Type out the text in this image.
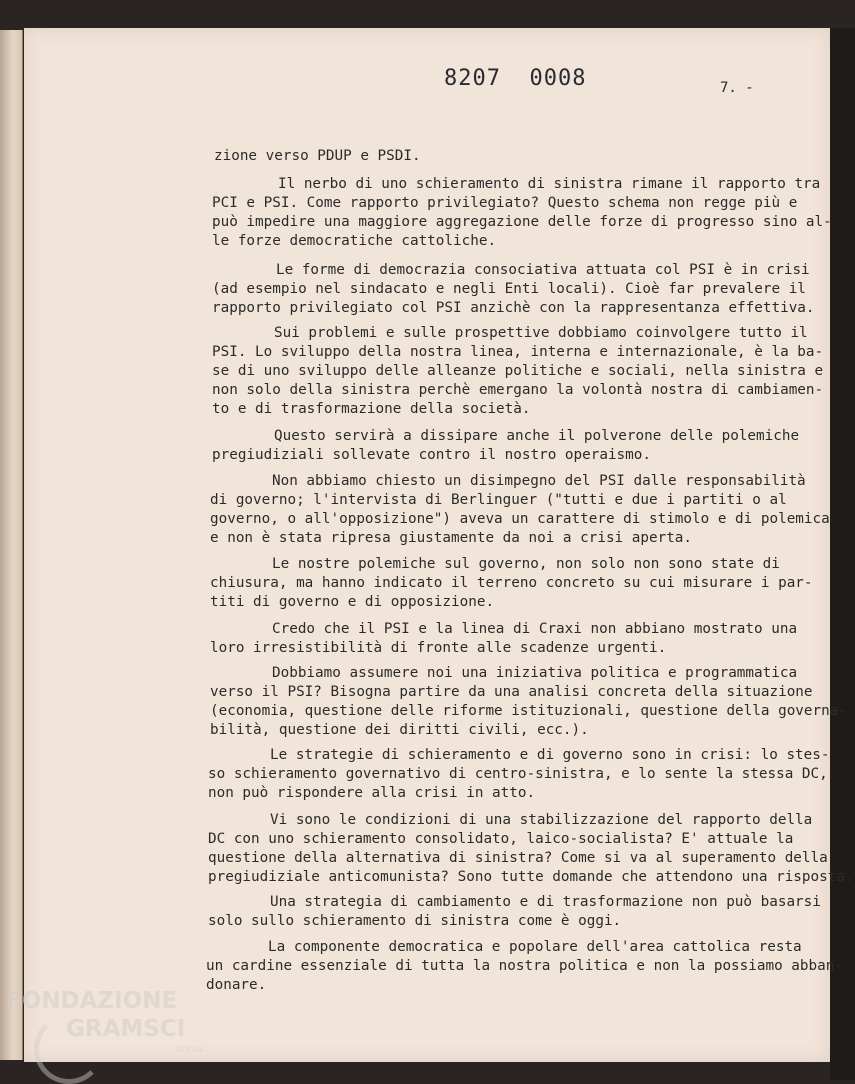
8207  0008	7. -
zione verso PDUP e PSDI.
Il nerbo di uno schieramento di sinistra rimane il rapporto tra
PCI e PSI. Come rapporto privilegiato? Questo schema non regge più e
può impedire una maggiore aggregazione delle forze di progresso sino al-
le forze democratiche cattoliche.
Le forme di democrazia consociativa attuata col PSI è in crisi
(ad esempio nel sindacato e negli Enti locali). Cioè far prevalere il
rapporto privilegiato col PSI anzichè con la rappresentanza effettiva.
Sui problemi e sulle prospettive dobbiamo coinvolgere tutto il
PSI. Lo sviluppo della nostra linea, interna e internazionale, è la ba-
se di uno sviluppo delle alleanze politiche e sociali, nella sinistra e
non solo della sinistra perchè emergano la volontà nostra di cambiamen-
to e di trasformazione della società.
Questo servirà a dissipare anche il polverone delle polemiche
pregiudiziali sollevate contro il nostro operaismo.
Non abbiamo chiesto un disimpegno del PSI dalle responsabilità
di governo; l'intervista di Berlinguer ("tutti e due i partiti o al
governo, o all'opposizione") aveva un carattere di stimolo e di polemica
e non è stata ripresa giustamente da noi a crisi aperta.
Le nostre polemiche sul governo, non solo non sono state di
chiusura, ma hanno indicato il terreno concreto su cui misurare i par-
titi di governo e di opposizione.
Credo che il PSI e la linea di Craxi non abbiano mostrato una
loro irresistibilità di fronte alle scadenze urgenti.
Dobbiamo assumere noi una iniziativa politica e programmatica
verso il PSI? Bisogna partire da una analisi concreta della situazione
(economia, questione delle riforme istituzionali, questione della governa-
bilità, questione dei diritti civili, ecc.).
Le strategie di schieramento e di governo sono in crisi: lo stes-
so schieramento governativo di centro-sinistra, e lo sente la stessa DC,
non può rispondere alla crisi in atto.
Vi sono le condizioni di una stabilizzazione del rapporto della
DC con uno schieramento consolidato, laico-socialista? E' attuale la
questione della alternativa di sinistra? Come si va al superamento della
pregiudiziale anticomunista? Sono tutte domande che attendono una risposta.
Una strategia di cambiamento e di trasformazione non può basarsi
solo sullo schieramento di sinistra come è oggi.
La componente democratica e popolare dell'area cattolica resta
un cardine essenziale di tutta la nostra politica e non la possiamo abban-
donare.
FONDAZIONE
GRAMSCI
onlus
